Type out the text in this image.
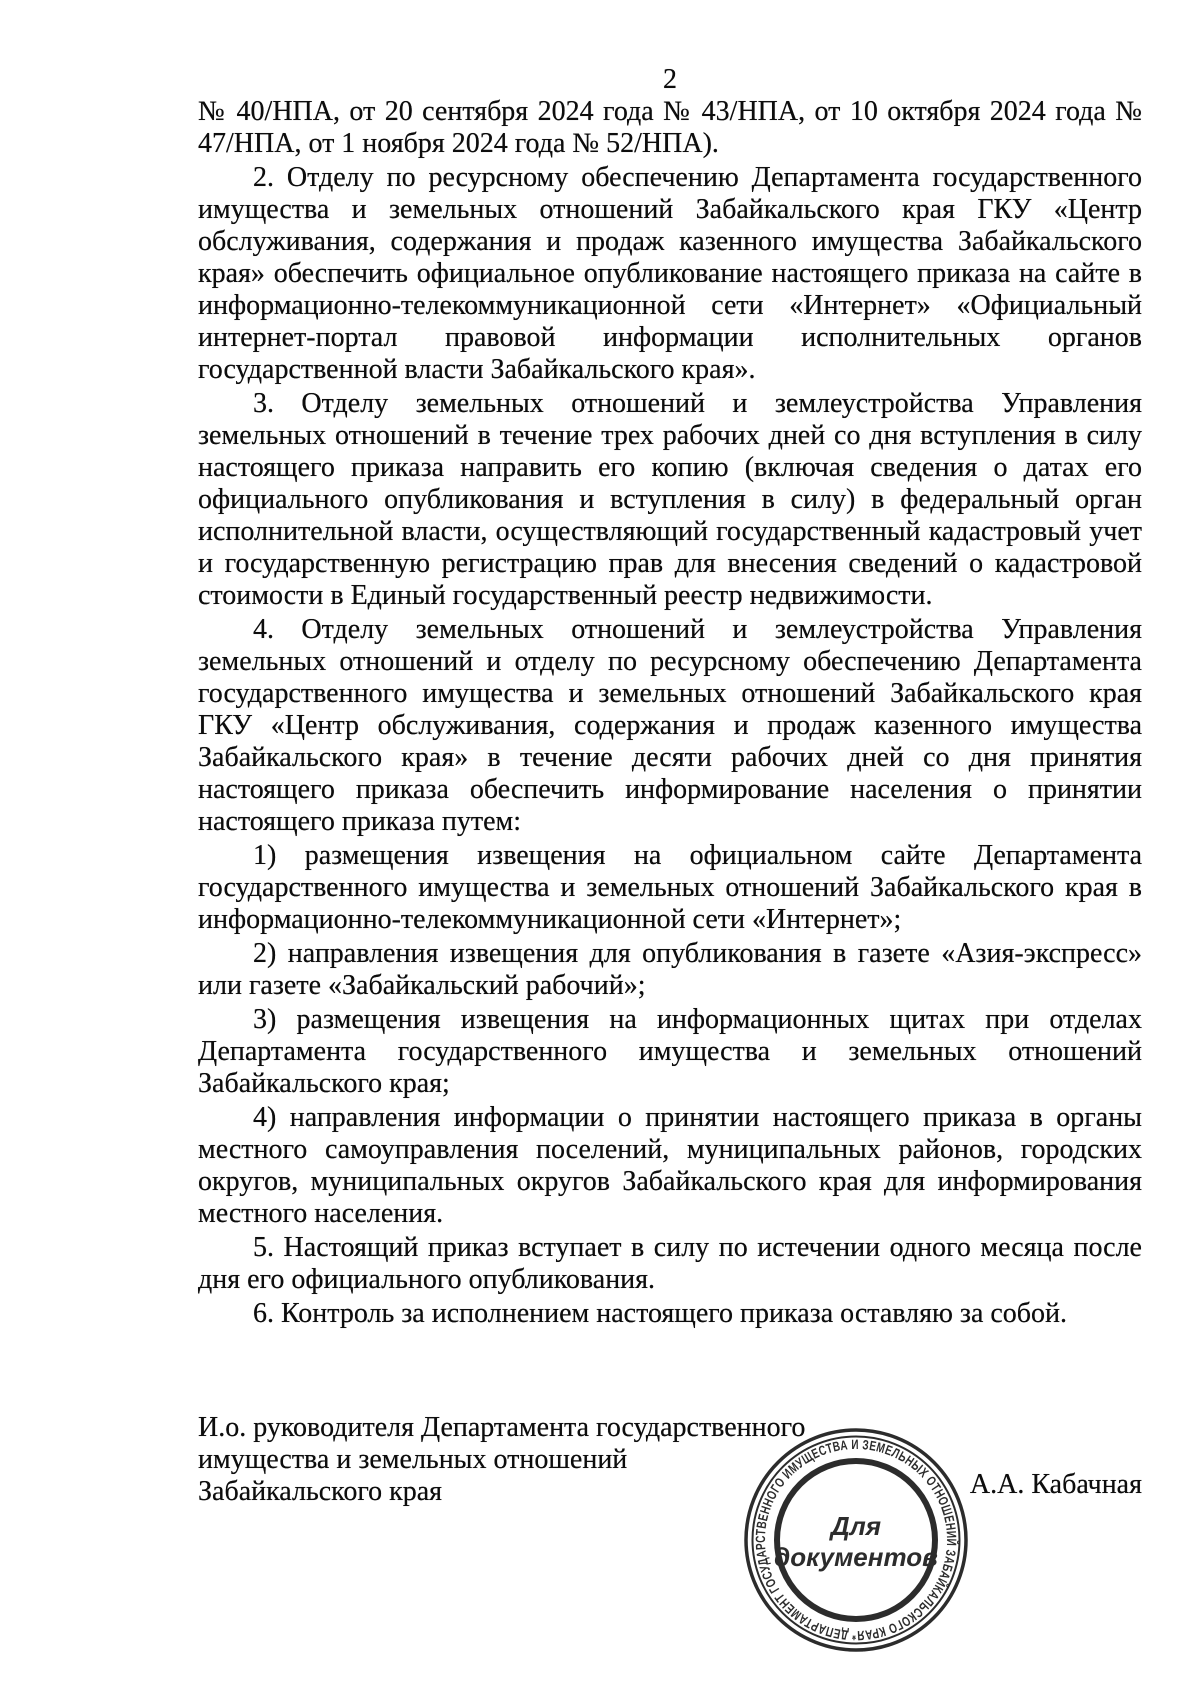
2

№ 40/НПА, от 20 сентября 2024 года № 43/НПА, от 10 октября 2024 года № 47/НПА, от 1 ноября 2024 года № 52/НПА).

2. Отделу по ресурсному обеспечению Департамента государственного имущества и земельных отношений Забайкальского края ГКУ «Центр обслуживания, содержания и продаж казенного имущества Забайкальского края» обеспечить официальное опубликование настоящего приказа на сайте в информационно-телекоммуникационной сети «Интернет» «Официальный интернет-портал правовой информации исполнительных органов государственной власти Забайкальского края».

3. Отделу земельных отношений и землеустройства Управления земельных отношений в течение трех рабочих дней со дня вступления в силу настоящего приказа направить его копию (включая сведения о датах его официального опубликования и вступления в силу) в федеральный орган исполнительной власти, осуществляющий государственный кадастровый учет и государственную регистрацию прав для внесения сведений о кадастровой стоимости в Единый государственный реестр недвижимости.

4. Отделу земельных отношений и землеустройства Управления земельных отношений и отделу по ресурсному обеспечению Департамента государственного имущества и земельных отношений Забайкальского края ГКУ «Центр обслуживания, содержания и продаж казенного имущества Забайкальского края» в течение десяти рабочих дней со дня принятия настоящего приказа обеспечить информирование населения о принятии настоящего приказа путем:

1) размещения извещения на официальном сайте Департамента государственного имущества и земельных отношений Забайкальского края в информационно-телекоммуникационной сети «Интернет»;

2) направления извещения для опубликования в газете «Азия-экспресс» или газете «Забайкальский рабочий»;

3) размещения извещения на информационных щитах при отделах Департамента государственного имущества и земельных отношений Забайкальского края;

4) направления информации о принятии настоящего приказа в органы местного самоуправления поселений, муниципальных районов, городских округов, муниципальных округов Забайкальского края для информирования местного населения.

5. Настоящий приказ вступает в силу по истечении одного месяца после дня его официального опубликования.

6. Контроль за исполнением настоящего приказа оставляю за собой.

И.о. руководителя Департамента государственного
имущества и земельных отношений
Забайкальского края	А.А. Кабачная
* ДЕПАРТАМЕНТ ГОСУДАРСТВЕННОГО ИМУЩЕСТВА И ЗЕМЕЛЬНЫХ ОТНОШЕНИЙ ЗАБАЙКАЛЬСКОГО КРАЯ
Для
документов
